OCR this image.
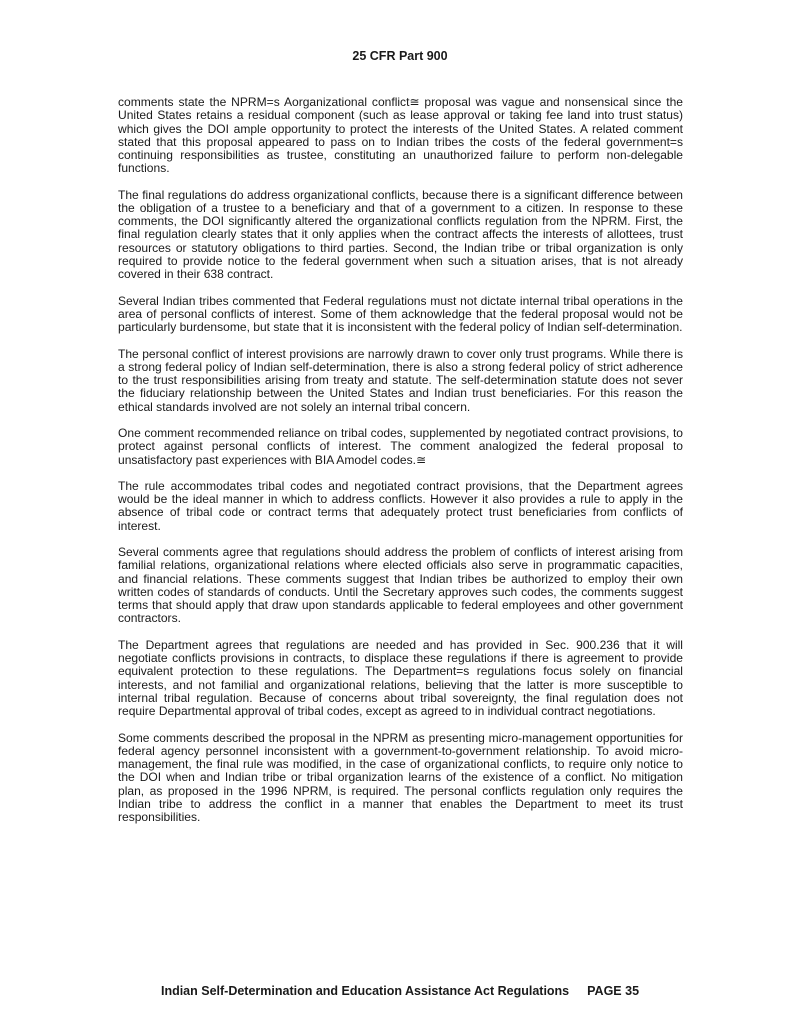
25 CFR Part 900

comments state the NPRM=s Aorganizational conflict≅ proposal was vague and nonsensical since the United States retains a residual component (such as lease approval or taking fee land into trust status) which gives the DOI ample opportunity to protect the interests of the United States. A related comment stated that this proposal appeared to pass on to Indian tribes the costs of the federal government=s continuing responsibilities as trustee, constituting an unauthorized failure to perform non-delegable functions.

The final regulations do address organizational conflicts, because there is a significant difference between the obligation of a trustee to a beneficiary and that of a government to a citizen. In response to these comments, the DOI significantly altered the organizational conflicts regulation from the NPRM. First, the final regulation clearly states that it only applies when the contract affects the interests of allottees, trust resources or statutory obligations to third parties. Second, the Indian tribe or tribal organization is only required to provide notice to the federal government when such a situation arises, that is not already covered in their 638 contract.

Several Indian tribes commented that Federal regulations must not dictate internal tribal operations in the area of personal conflicts of interest. Some of them acknowledge that the federal proposal would not be particularly burdensome, but state that it is inconsistent with the federal policy of Indian self-determination.

The personal conflict of interest provisions are narrowly drawn to cover only trust programs. While there is a strong federal policy of Indian self-determination, there is also a strong federal policy of strict adherence to the trust responsibilities arising from treaty and statute. The self-determination statute does not sever the fiduciary relationship between the United States and Indian trust beneficiaries. For this reason the ethical standards involved are not solely an internal tribal concern.

One comment recommended reliance on tribal codes, supplemented by negotiated contract provisions, to protect against personal conflicts of interest. The comment analogized the federal proposal to unsatisfactory past experiences with BIA Amodel codes.≅

The rule accommodates tribal codes and negotiated contract provisions, that the Department agrees would be the ideal manner in which to address conflicts. However it also provides a rule to apply in the absence of tribal code or contract terms that adequately protect trust beneficiaries from conflicts of interest.

Several comments agree that regulations should address the problem of conflicts of interest arising from familial relations, organizational relations where elected officials also serve in programmatic capacities, and financial relations. These comments suggest that Indian tribes be authorized to employ their own written codes of standards of conducts. Until the Secretary approves such codes, the comments suggest terms that should apply that draw upon standards applicable to federal employees and other government contractors.

The Department agrees that regulations are needed and has provided in Sec. 900.236 that it will negotiate conflicts provisions in contracts, to displace these regulations if there is agreement to provide equivalent protection to these regulations. The Department=s regulations focus solely on financial interests, and not familial and organizational relations, believing that the latter is more susceptible to internal tribal regulation. Because of concerns about tribal sovereignty, the final regulation does not require Departmental approval of tribal codes, except as agreed to in individual contract negotiations.

Some comments described the proposal in the NPRM as presenting micro-management opportunities for federal agency personnel inconsistent with a government-to-government relationship. To avoid micro-management, the final rule was modified, in the case of organizational conflicts, to require only notice to the DOI when and Indian tribe or tribal organization learns of the existence of a conflict. No mitigation plan, as proposed in the 1996 NPRM, is required. The personal conflicts regulation only requires the Indian tribe to address the conflict in a manner that enables the Department to meet its trust responsibilities.

Indian Self-Determination and Education Assistance Act Regulations PAGE 35
